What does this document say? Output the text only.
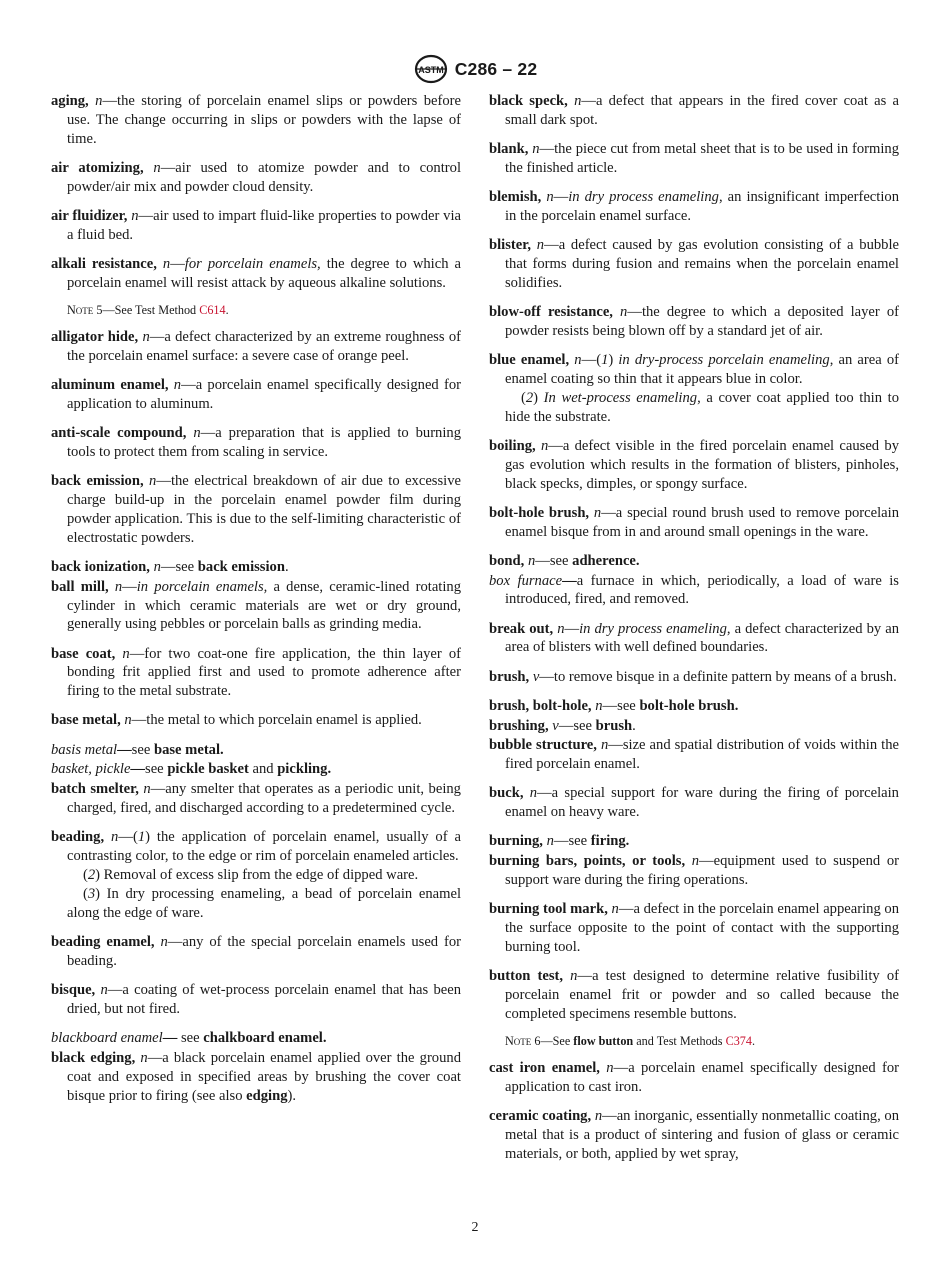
ASTM C286 – 22

aging, n—the storing of porcelain enamel slips or powders before use. The change occurring in slips or powders with the lapse of time.

air atomizing, n—air used to atomize powder and to control powder/air mix and powder cloud density.

air fluidizer, n—air used to impart fluid-like properties to powder via a fluid bed.

alkali resistance, n—for porcelain enamels, the degree to which a porcelain enamel will resist attack by aqueous alkaline solutions.

Note 5—See Test Method C614.

alligator hide, n—a defect characterized by an extreme roughness of the porcelain enamel surface: a severe case of orange peel.

aluminum enamel, n—a porcelain enamel specifically designed for application to aluminum.

anti-scale compound, n—a preparation that is applied to burning tools to protect them from scaling in service.

back emission, n—the electrical breakdown of air due to excessive charge build-up in the porcelain enamel powder film during powder application. This is due to the self-limiting characteristic of electrostatic powders.

back ionization, n—see back emission.

ball mill, n—in porcelain enamels, a dense, ceramic-lined rotating cylinder in which ceramic materials are wet or dry ground, generally using pebbles or porcelain balls as grinding media.

base coat, n—for two coat-one fire application, the thin layer of bonding frit applied first and used to promote adherence after firing to the metal substrate.

base metal, n—the metal to which porcelain enamel is applied.

basis metal—see base metal.

basket, pickle—see pickle basket and pickling.

batch smelter, n—any smelter that operates as a periodic unit, being charged, fired, and discharged according to a predetermined cycle.

beading, n—(1) the application of porcelain enamel, usually of a contrasting color, to the edge or rim of porcelain enameled articles.
(2) Removal of excess slip from the edge of dipped ware.
(3) In dry processing enameling, a bead of porcelain enamel along the edge of ware.

beading enamel, n—any of the special porcelain enamels used for beading.

bisque, n—a coating of wet-process porcelain enamel that has been dried, but not fired.

blackboard enamel— see chalkboard enamel.

black edging, n—a black porcelain enamel applied over the ground coat and exposed in specified areas by brushing the cover coat bisque prior to firing (see also edging).

black speck, n—a defect that appears in the fired cover coat as a small dark spot.

blank, n—the piece cut from metal sheet that is to be used in forming the finished article.

blemish, n—in dry process enameling, an insignificant imperfection in the porcelain enamel surface.

blister, n—a defect caused by gas evolution consisting of a bubble that forms during fusion and remains when the porcelain enamel solidifies.

blow-off resistance, n—the degree to which a deposited layer of powder resists being blown off by a standard jet of air.

blue enamel, n—(1) in dry-process porcelain enameling, an area of enamel coating so thin that it appears blue in color.
(2) In wet-process enameling, a cover coat applied too thin to hide the substrate.

boiling, n—a defect visible in the fired porcelain enamel caused by gas evolution which results in the formation of blisters, pinholes, black specks, dimples, or spongy surface.

bolt-hole brush, n—a special round brush used to remove porcelain enamel bisque from in and around small openings in the ware.

bond, n—see adherence.

box furnace—a furnace in which, periodically, a load of ware is introduced, fired, and removed.

break out, n—in dry process enameling, a defect characterized by an area of blisters with well defined boundaries.

brush, v—to remove bisque in a definite pattern by means of a brush.

brush, bolt-hole, n—see bolt-hole brush.

brushing, v—see brush.

bubble structure, n—size and spatial distribution of voids within the fired porcelain enamel.

buck, n—a special support for ware during the firing of porcelain enamel on heavy ware.

burning, n—see firing.

burning bars, points, or tools, n—equipment used to suspend or support ware during the firing operations.

burning tool mark, n—a defect in the porcelain enamel appearing on the surface opposite to the point of contact with the supporting burning tool.

button test, n—a test designed to determine relative fusibility of porcelain enamel frit or powder and so called because the completed specimens resemble buttons.

Note 6—See flow button and Test Methods C374.

cast iron enamel, n—a porcelain enamel specifically designed for application to cast iron.

ceramic coating, n—an inorganic, essentially nonmetallic coating, on metal that is a product of sintering and fusion of glass or ceramic materials, or both, applied by wet spray,

2
